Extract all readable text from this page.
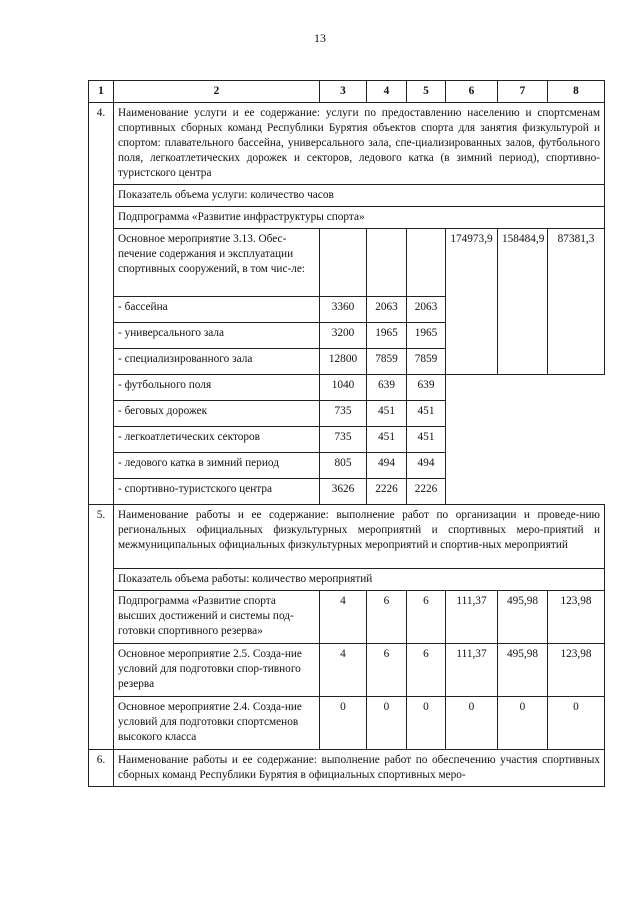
13
1	2	3	4	5	6	7	8
4.	Наименование услуги и ее содержание: услуги по предоставлению населению и спортсменам спортивных сборных команд Республики Бурятия объектов спорта для занятия физкультурой и спортом: плавательного бассейна, универсального зала, спе-циализированных залов, футбольного поля, легкоатлетических дорожек и секторов, ледового катка (в зимний период), спортивно-туристского центра						
	Показатель объема услуги: количество часов						
	Подпрограмма «Развитие инфраструктуры спорта»						
	Основное мероприятие 3.13. Обес-печение содержания и эксплуатации спортивных сооружений, в том чис-ле:				174973,9	158484,9	87381,3
	- бассейна	3360	2063	2063			
	- универсального зала	3200	1965	1965			
	- специализированного зала	12800	7859	7859			
	- футбольного поля	1040	639	639			
	- беговых дорожек	735	451	451			
	- легкоатлетических секторов	735	451	451			
	- ледового катка в зимний период	805	494	494			
	- спортивно-туристского центра	3626	2226	2226			
5.	Наименование работы и ее содержание: выполнение работ по организации и проведе-нию региональных официальных физкультурных мероприятий и спортивных меро-приятий и межмуниципальных официальных физкультурных мероприятий и спортив-ных мероприятий						
	Показатель объема работы: количество мероприятий						
	Подпрограмма «Развитие спорта высших достижений и системы под-готовки спортивного резерва»	4	6	6	111,37	495,98	123,98
	Основное мероприятие 2.5. Созда-ние условий для подготовки спор-тивного резерва	4	6	6	111,37	495,98	123,98
	Основное мероприятие 2.4. Созда-ние условий для подготовки спортсменов высокого класса	0	0	0	0	0	0
6.	Наименование работы и ее содержание: выполнение работ по обеспечению участия спортивных сборных команд Республики Бурятия в официальных спортивных меро-						
